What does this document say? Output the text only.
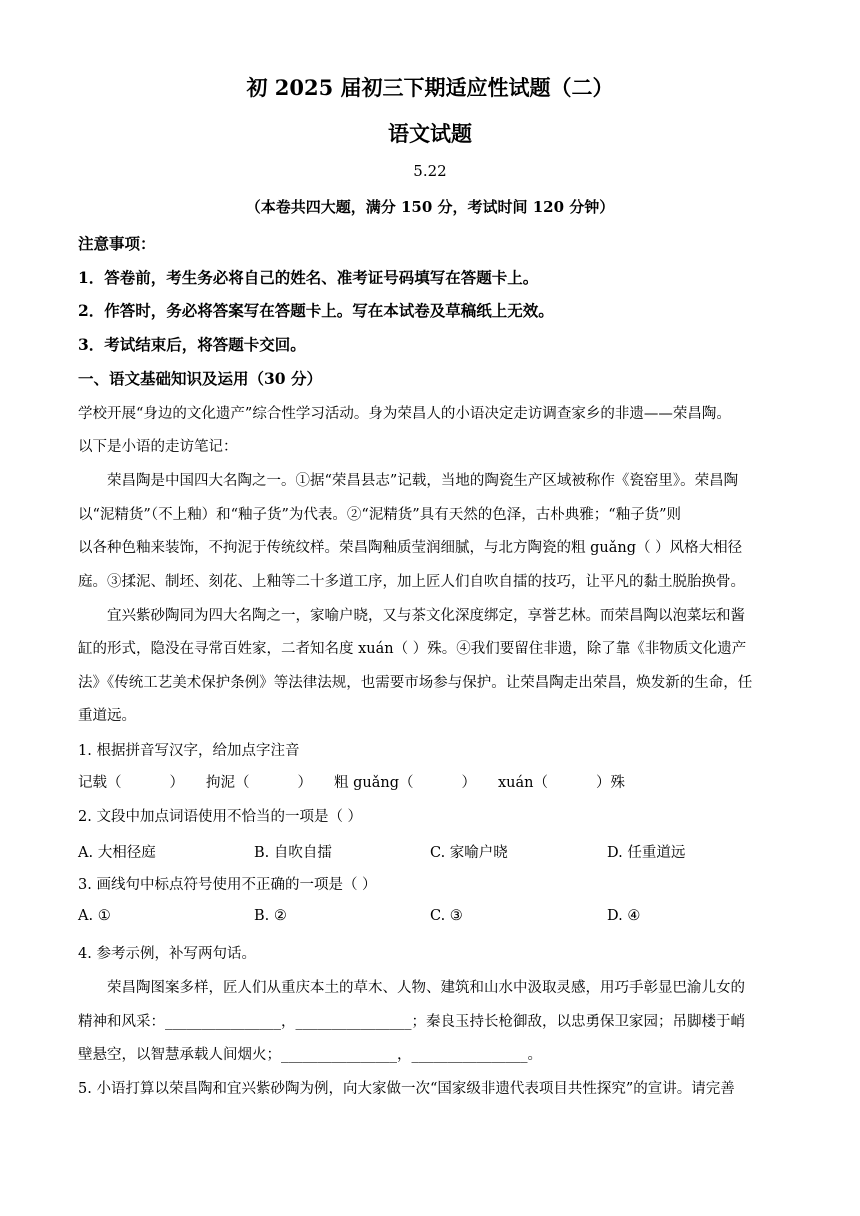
初 2025 届初三下期适应性试题（二）
语文试题
5.22
（本卷共四大题，满分 150 分，考试时间 120 分钟）
注意事项：
1．答卷前，考生务必将自己的姓名、准考证号码填写在答题卡上。
2．作答时，务必将答案写在答题卡上。写在本试卷及草稿纸上无效。
3．考试结束后，将答题卡交回。
一、语文基础知识及运用（30 分）
学校开展“身边的文化遗产”综合性学习活动。身为荣昌人的小语决定走访调查家乡的非遗——荣昌陶。
以下是小语的走访笔记：
荣昌陶是中国四大名陶之一。①据“荣昌县志”记载，当地的陶瓷生产区域被称作《瓷窑里》。荣昌陶
以“泥精货”（不上釉）和“釉子货”为代表。②“泥精货”具有天然的色泽，古朴典雅；“釉子货”则
以各种色釉来装饰，不拘泥于传统纹样。荣昌陶釉质莹润细腻，与北方陶瓷的粗 guǎng（ ）风格大相径
庭。③揉泥、制坯、刻花、上釉等二十多道工序，加上匠人们自吹自擂的技巧，让平凡的黏土脱胎换骨。
宜兴紫砂陶同为四大名陶之一，家喻户晓，又与茶文化深度绑定，享誉艺林。而荣昌陶以泡菜坛和酱
缸的形式，隐没在寻常百姓家，二者知名度 xuán（ ）殊。④我们要留住非遗，除了靠《非物质文化遗产
法》《传统工艺美术保护条例》等法律法规，也需要市场参与保护。让荣昌陶走出荣昌，焕发新的生命，任
重道远。
1. 根据拼音写汉字，给加点字注音
记载（	） 拘泥（	） 粗 guǎng（	） xuán（	）殊
2. 文段中加点词语使用不恰当的一项是（ ）
A. 大相径庭	B. 自吹自擂	C. 家喻户晓	D. 任重道远
3. 画线句中标点符号使用不正确的一项是（ ）
A. ①	B. ②	C. ③	D. ④
4. 参考示例，补写两句话。
荣昌陶图案多样，匠人们从重庆本土的草木、人物、建筑和山水中汲取灵感，用巧手彰显巴渝儿女的
精神和风采：________________，________________；秦良玉持长枪御敌，以忠勇保卫家园；吊脚楼于峭
壁悬空，以智慧承载人间烟火；________________，________________。
5. 小语打算以荣昌陶和宜兴紫砂陶为例，向大家做一次“国家级非遗代表项目共性探究”的宣讲。请完善
